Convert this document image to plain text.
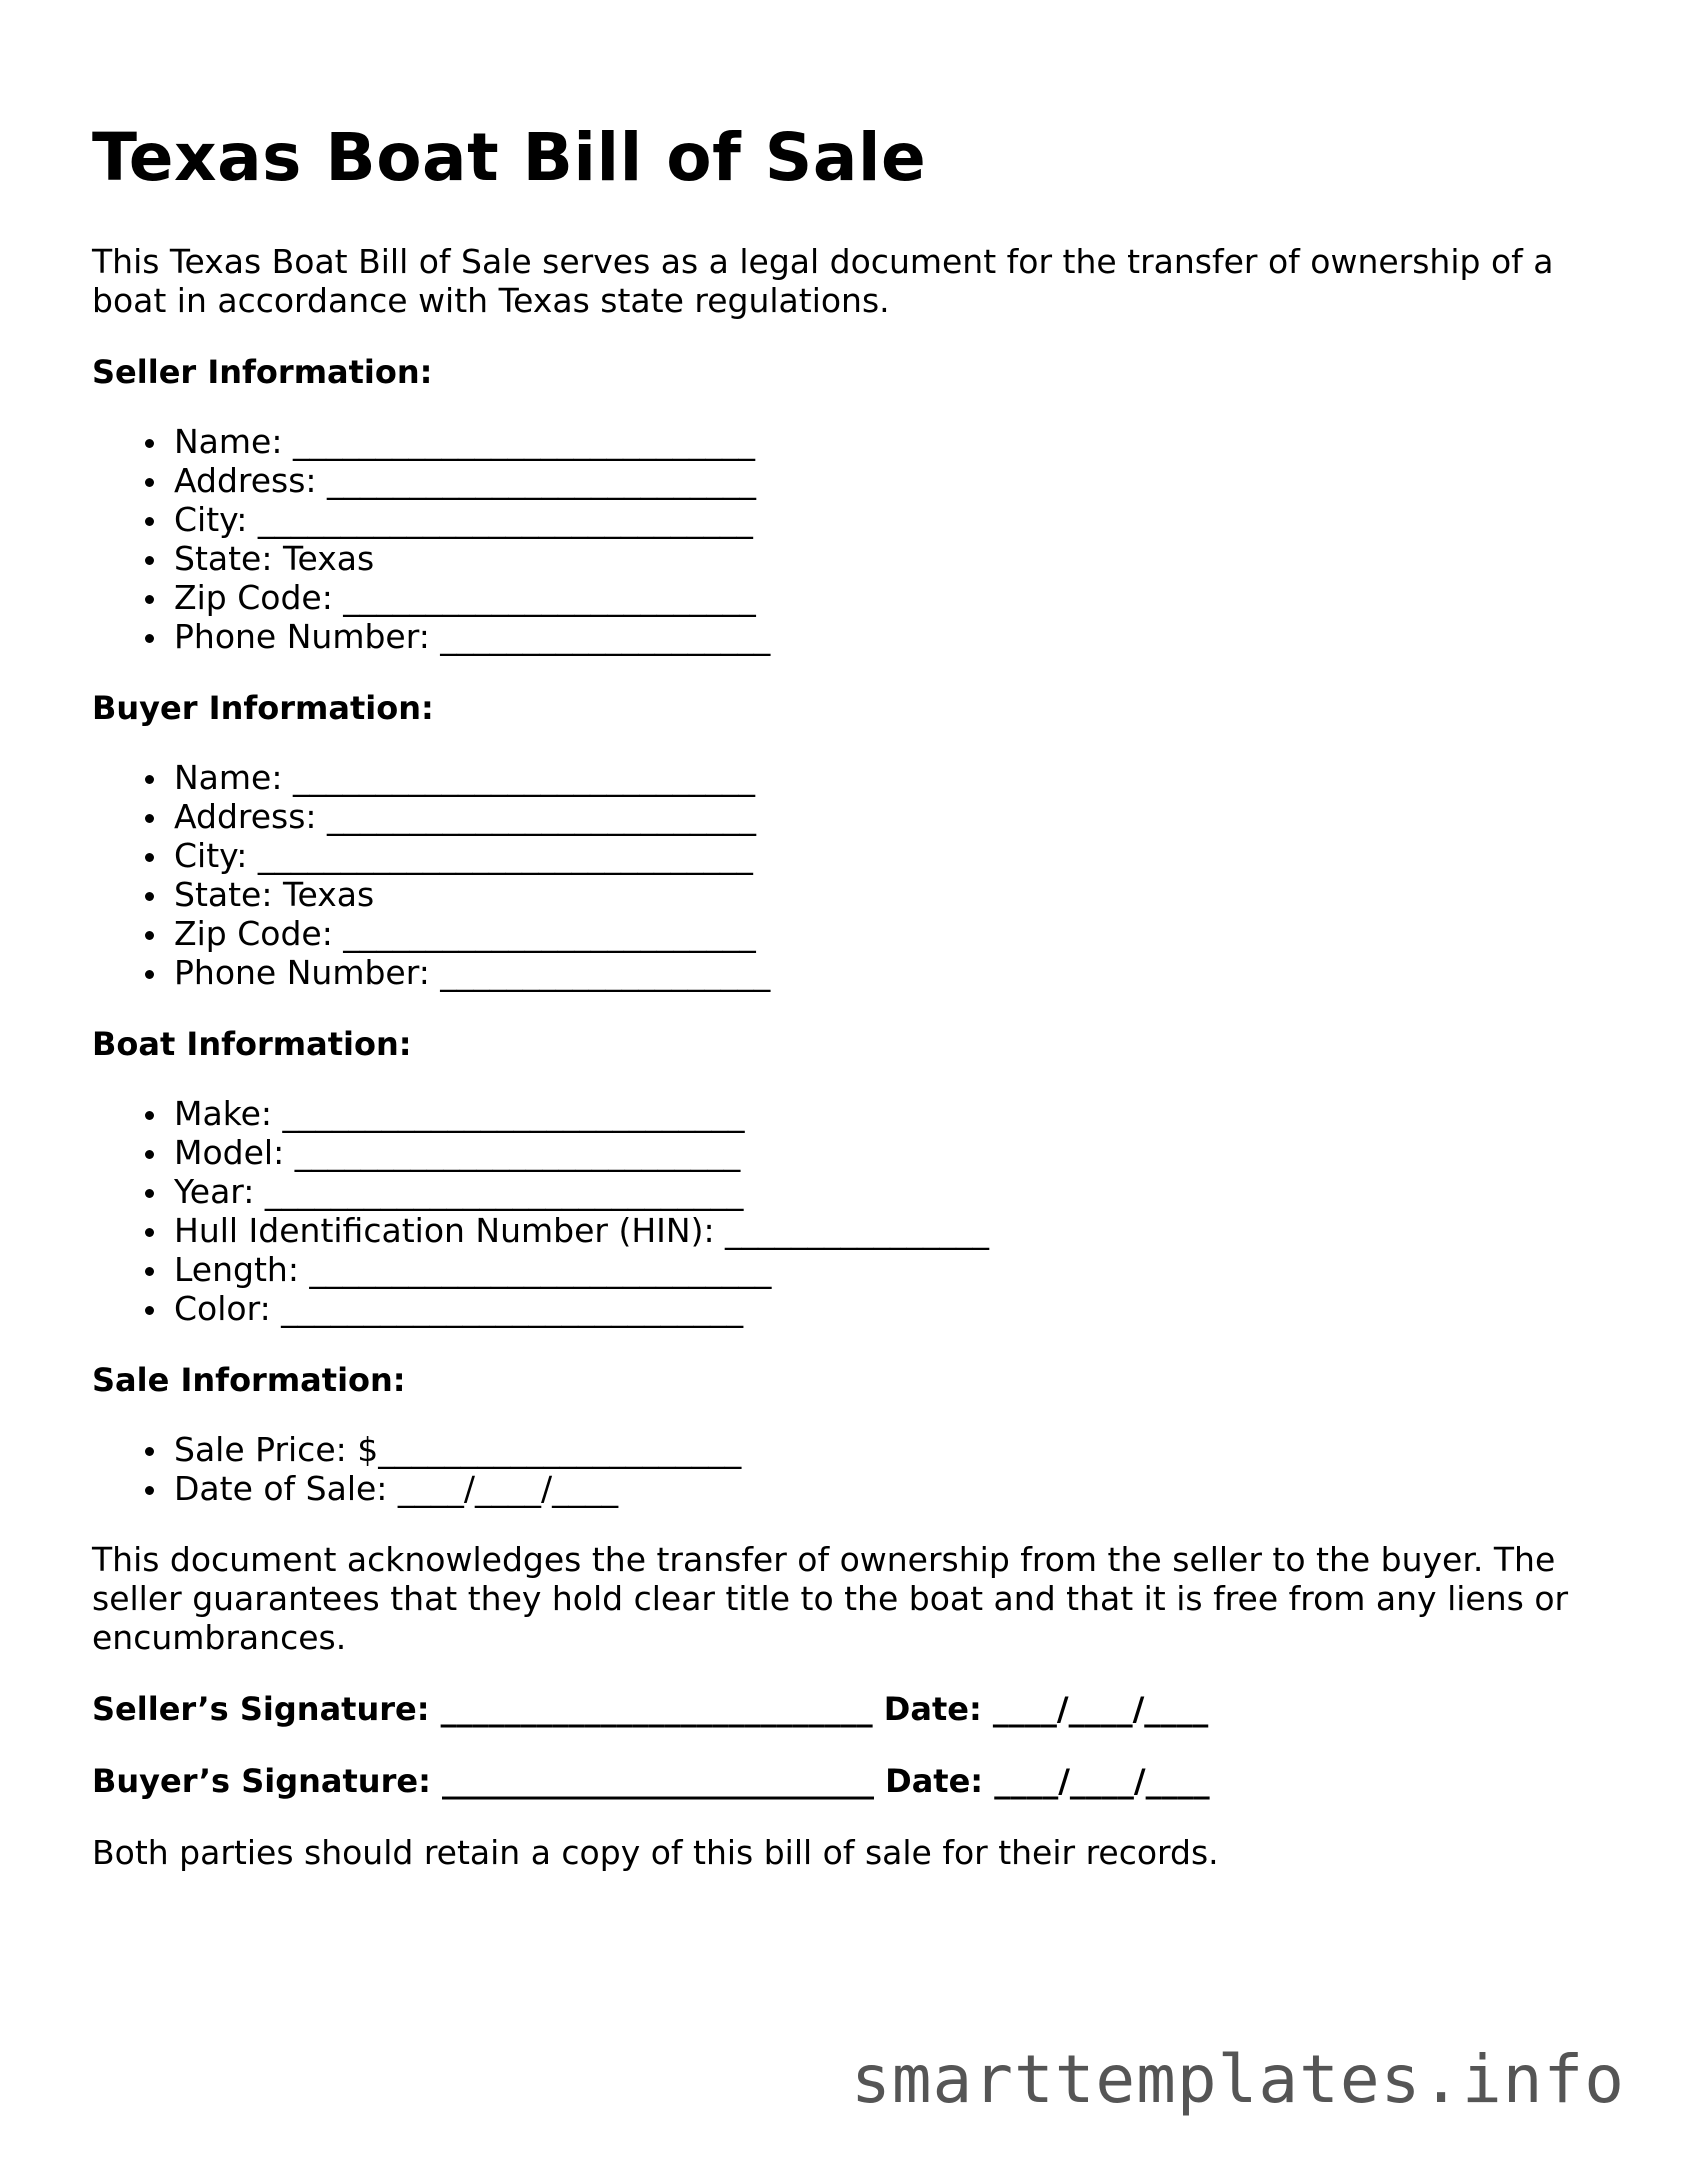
Texas Boat Bill of Sale

This Texas Boat Bill of Sale serves as a legal document for the transfer of ownership of a boat in accordance with Texas state regulations.

Seller Information:
Name: ____________________________
Address: __________________________
City: ______________________________
State: Texas
Zip Code: _________________________
Phone Number: ____________________
Buyer Information:
Name: ____________________________
Address: __________________________
City: ______________________________
State: Texas
Zip Code: _________________________
Phone Number: ____________________
Boat Information:
Make: ____________________________
Model: ___________________________
Year: _____________________________
Hull Identification Number (HIN): ________________
Length: ____________________________
Color: ____________________________
Sale Information:
Sale Price: $______________________
Date of Sale: ____/____/____

This document acknowledges the transfer of ownership from the seller to the buyer. The seller guarantees that they hold clear title to the boat and that it is free from any liens or encumbrances.

Seller’s Signature: ___________________________ Date: ____/____/____
Buyer’s Signature: ___________________________ Date: ____/____/____

Both parties should retain a copy of this bill of sale for their records.

smarttemplates.info
